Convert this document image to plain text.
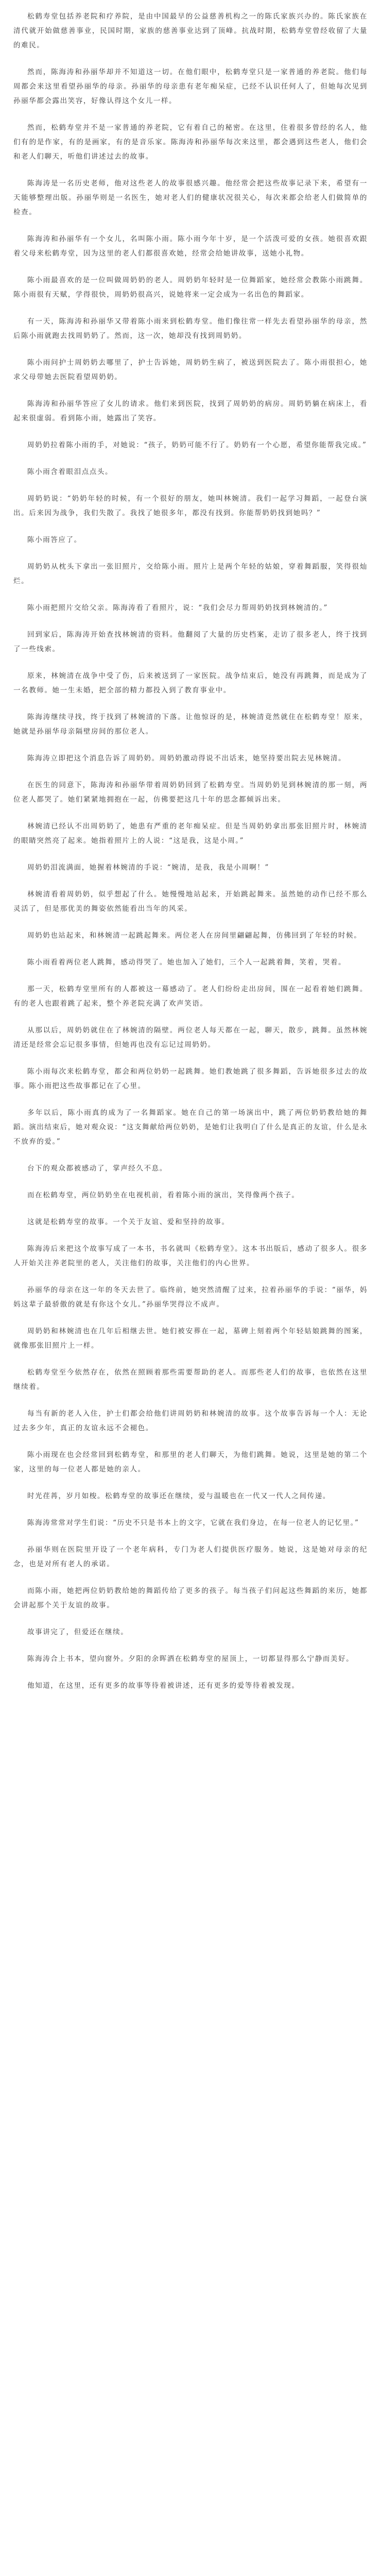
松鹤寿堂包括养老院和疗养院，是由中国最早的公益慈善机构之一的陈氏家族兴办的。陈氏家族在清代就开始做慈善事业，民国时期，家族的慈善事业达到了顶峰。抗战时期，松鹤寿堂曾经收留了大量的难民。

然而，陈海涛和孙丽华却并不知道这一切。在他们眼中，松鹤寿堂只是一家普通的养老院。他们每周都会来这里看望孙丽华的母亲。孙丽华的母亲患有老年痴呆症，已经不认识任何人了，但她每次见到孙丽华都会露出笑容，好像认得这个女儿一样。

然而，松鹤寿堂并不是一家普通的养老院，它有着自己的秘密。在这里，住着很多曾经的名人，他们有的是作家，有的是画家，有的是音乐家。陈海涛和孙丽华每次来这里，都会遇到这些老人，他们会和老人们聊天，听他们讲述过去的故事。

陈海涛是一名历史老师，他对这些老人的故事很感兴趣。他经常会把这些故事记录下来，希望有一天能够整理出版。孙丽华则是一名医生，她对老人们的健康状况很关心，每次来都会给老人们做简单的检查。

陈海涛和孙丽华有一个女儿，名叫陈小雨。陈小雨今年十岁，是一个活泼可爱的女孩。她很喜欢跟着父母来松鹤寿堂，因为这里的老人们都很喜欢她，经常会给她讲故事，送她小礼物。

陈小雨最喜欢的是一位叫做周奶奶的老人。周奶奶年轻时是一位舞蹈家，她经常会教陈小雨跳舞。陈小雨很有天赋，学得很快，周奶奶很高兴，说她将来一定会成为一名出色的舞蹈家。

有一天，陈海涛和孙丽华又带着陈小雨来到松鹤寿堂。他们像往常一样先去看望孙丽华的母亲，然后陈小雨就跑去找周奶奶了。然而，这一次，她却没有找到周奶奶。

陈小雨问护士周奶奶去哪里了，护士告诉她，周奶奶生病了，被送到医院去了。陈小雨很担心，她求父母带她去医院看望周奶奶。

陈海涛和孙丽华答应了女儿的请求。他们来到医院，找到了周奶奶的病房。周奶奶躺在病床上，看起来很虚弱。看到陈小雨，她露出了笑容。

周奶奶拉着陈小雨的手，对她说：“孩子，奶奶可能不行了。奶奶有一个心愿，希望你能帮我完成。”

陈小雨含着眼泪点点头。

周奶奶说：“奶奶年轻的时候，有一个很好的朋友，她叫林婉清。我们一起学习舞蹈，一起登台演出。后来因为战争，我们失散了。我找了她很多年，都没有找到。你能帮奶奶找到她吗？”

陈小雨答应了。

周奶奶从枕头下拿出一张旧照片，交给陈小雨。照片上是两个年轻的姑娘，穿着舞蹈服，笑得很灿烂。

陈小雨把照片交给父亲。陈海涛看了看照片，说：“我们会尽力帮周奶奶找到林婉清的。”

回到家后，陈海涛开始查找林婉清的资料。他翻阅了大量的历史档案，走访了很多老人，终于找到了一些线索。

原来，林婉清在战争中受了伤，后来被送到了一家医院。战争结束后，她没有再跳舞，而是成为了一名教师。她一生未婚，把全部的精力都投入到了教育事业中。

陈海涛继续寻找，终于找到了林婉清的下落。让他惊讶的是，林婉清竟然就住在松鹤寿堂！原来，她就是孙丽华母亲隔壁房间的那位老人。

陈海涛立即把这个消息告诉了周奶奶。周奶奶激动得说不出话来，她坚持要出院去见林婉清。

在医生的同意下，陈海涛和孙丽华带着周奶奶回到了松鹤寿堂。当周奶奶见到林婉清的那一刻，两位老人都哭了。她们紧紧地拥抱在一起，仿佛要把这几十年的思念都倾诉出来。

林婉清已经认不出周奶奶了，她患有严重的老年痴呆症。但是当周奶奶拿出那张旧照片时，林婉清的眼睛突然亮了起来。她指着照片上的人说：“这是我，这是小周。”

周奶奶泪流满面，她握着林婉清的手说：“婉清，是我，我是小周啊！”

林婉清看着周奶奶，似乎想起了什么。她慢慢地站起来，开始跳起舞来。虽然她的动作已经不那么灵活了，但是那优美的舞姿依然能看出当年的风采。

周奶奶也站起来，和林婉清一起跳起舞来。两位老人在房间里翩翩起舞，仿佛回到了年轻的时候。

陈小雨看着两位老人跳舞，感动得哭了。她也加入了她们，三个人一起跳着舞，笑着，哭着。

那一天，松鹤寿堂里所有的人都被这一幕感动了。老人们纷纷走出房间，围在一起看着她们跳舞。有的老人也跟着跳了起来，整个养老院充满了欢声笑语。

从那以后，周奶奶就住在了林婉清的隔壁。两位老人每天都在一起，聊天，散步，跳舞。虽然林婉清还是经常会忘记很多事情，但她再也没有忘记过周奶奶。

陈小雨每次来松鹤寿堂，都会和两位奶奶一起跳舞。她们教她跳了很多舞蹈，告诉她很多过去的故事。陈小雨把这些故事都记在了心里。

多年以后，陈小雨真的成为了一名舞蹈家。她在自己的第一场演出中，跳了两位奶奶教给她的舞蹈。演出结束后，她对观众说：“这支舞献给两位奶奶，是她们让我明白了什么是真正的友谊，什么是永不放弃的爱。”

台下的观众都被感动了，掌声经久不息。

而在松鹤寿堂，两位奶奶坐在电视机前，看着陈小雨的演出，笑得像两个孩子。

这就是松鹤寿堂的故事。一个关于友谊、爱和坚持的故事。

陈海涛后来把这个故事写成了一本书，书名就叫《松鹤寿堂》。这本书出版后，感动了很多人。很多人开始关注养老院里的老人，关注他们的故事，关注他们的内心世界。

孙丽华的母亲在这一年的冬天去世了。临终前，她突然清醒了过来，拉着孙丽华的手说：“丽华，妈妈这辈子最骄傲的就是有你这个女儿。”孙丽华哭得泣不成声。

周奶奶和林婉清也在几年后相继去世。她们被安葬在一起，墓碑上刻着两个年轻姑娘跳舞的图案，就像那张旧照片上一样。

松鹤寿堂至今依然存在，依然在照顾着那些需要帮助的老人。而那些老人们的故事，也依然在这里继续着。

每当有新的老人入住，护士们都会给他们讲周奶奶和林婉清的故事。这个故事告诉每一个人：无论过去多少年，真正的友谊永远不会褪色。

陈小雨现在也会经常回到松鹤寿堂，和那里的老人们聊天，为他们跳舞。她说，这里是她的第二个家，这里的每一位老人都是她的亲人。

时光荏苒，岁月如梭。松鹤寿堂的故事还在继续，爱与温暖也在一代又一代人之间传递。

陈海涛常常对学生们说：“历史不只是书本上的文字，它就在我们身边，在每一位老人的记忆里。”

孙丽华则在医院里开设了一个老年病科，专门为老人们提供医疗服务。她说，这是她对母亲的纪念，也是对所有老人的承诺。

而陈小雨，她把两位奶奶教给她的舞蹈传给了更多的孩子。每当孩子们问起这些舞蹈的来历，她都会讲起那个关于友谊的故事。

故事讲完了，但爱还在继续。

陈海涛合上书本，望向窗外。夕阳的余晖洒在松鹤寿堂的屋顶上，一切都显得那么宁静而美好。

他知道，在这里，还有更多的故事等待着被讲述，还有更多的爱等待着被发现。
